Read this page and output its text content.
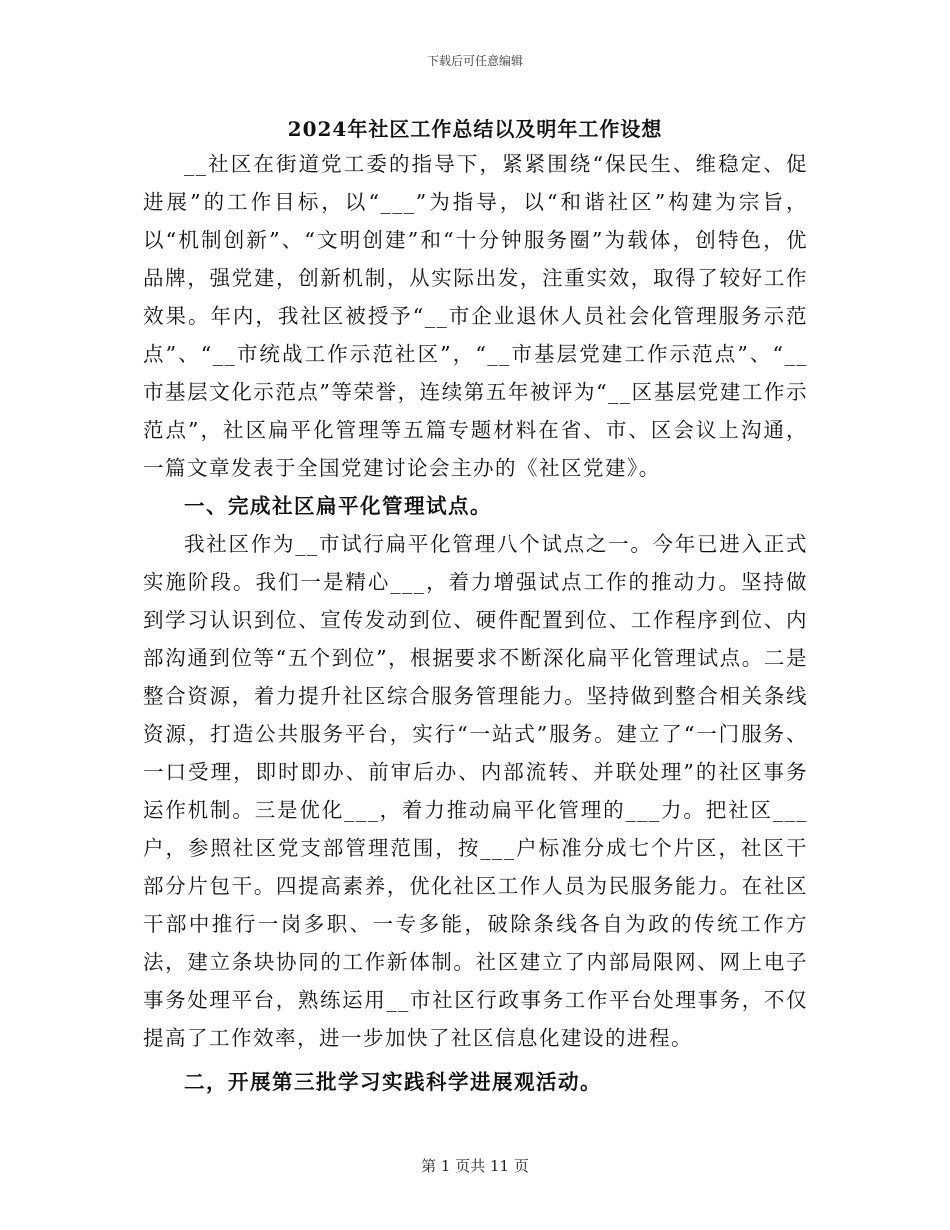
下载后可任意编辑
2024年社区工作总结以及明年工作设想

__社区在街道党工委的指导下，紧紧围绕“保民生、维稳定、促进展”的工作目标，以“___”为指导，以“和谐社区”构建为宗旨，以“机制创新”、“文明创建”和“十分钟服务圈”为载体，创特色，优品牌，强党建，创新机制，从实际出发，注重实效，取得了较好工作效果。年内，我社区被授予“__市企业退休人员社会化管理服务示范点”、“__市统战工作示范社区”，“__市基层党建工作示范点”、“__市基层文化示范点”等荣誉，连续第五年被评为“__区基层党建工作示范点”，社区扁平化管理等五篇专题材料在省、市、区会议上沟通，一篇文章发表于全国党建讨论会主办的《社区党建》。

一、完成社区扁平化管理试点。

我社区作为__市试行扁平化管理八个试点之一。今年已进入正式实施阶段。我们一是精心___，着力增强试点工作的推动力。坚持做到学习认识到位、宣传发动到位、硬件配置到位、工作程序到位、内部沟通到位等“五个到位”，根据要求不断深化扁平化管理试点。二是整合资源，着力提升社区综合服务管理能力。坚持做到整合相关条线资源，打造公共服务平台，实行“一站式”服务。建立了“一门服务、一口受理，即时即办、前审后办、内部流转、并联处理”的社区事务运作机制。三是优化___，着力推动扁平化管理的___力。把社区___户，参照社区党支部管理范围，按___户标准分成七个片区，社区干部分片包干。四提高素养，优化社区工作人员为民服务能力。在社区干部中推行一岗多职、一专多能，破除条线各自为政的传统工作方法，建立条块协同的工作新体制。社区建立了内部局限网、网上电子事务处理平台，熟练运用__市社区行政事务工作平台处理事务，不仅提高了工作效率，进一步加快了社区信息化建设的进程。

二，开展第三批学习实践科学进展观活动。
第 1 页共 11 页
